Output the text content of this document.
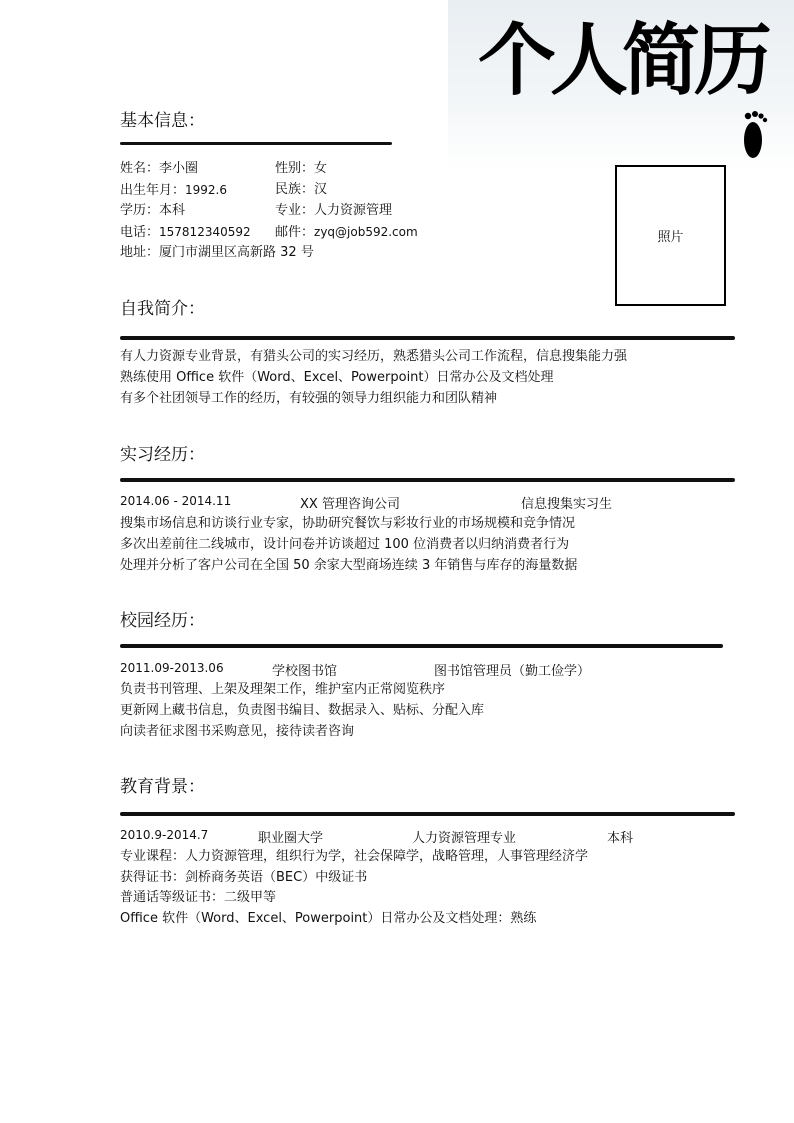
个人简历
基本信息：
姓名：李小圈	性别：女
出生年月：1992.6	民族：汉
学历：本科	专业：人力资源管理
电话：157812340592 邮件：zyq@job592.com
地址：厦门市湖里区高新路 32 号
照片
自我简介：
有人力资源专业背景，有猎头公司的实习经历，熟悉猎头公司工作流程，信息搜集能力强
熟练使用 Office 软件（Word、Excel、Powerpoint）日常办公及文档处理
有多个社团领导工作的经历，有较强的领导力组织能力和团队精神
实习经历：
2014.06 - 2014.11	XX 管理咨询公司	信息搜集实习生
搜集市场信息和访谈行业专家，协助研究餐饮与彩妆行业的市场规模和竞争情况
多次出差前往二线城市，设计问卷并访谈超过 100 位消费者以归纳消费者行为
处理并分析了客户公司在全国 50 余家大型商场连续 3 年销售与库存的海量数据
校园经历：
2011.09-2013.06	学校图书馆	图书馆管理员（勤工俭学）
负责书刊管理、上架及理架工作，维护室内正常阅览秩序
更新网上藏书信息，负责图书编目、数据录入、贴标、分配入库
向读者征求图书采购意见，接待读者咨询
教育背景：
2010.9-2014.7	职业圈大学	人力资源管理专业	本科
专业课程：人力资源管理，组织行为学，社会保障学，战略管理，人事管理经济学
获得证书：剑桥商务英语（BEC）中级证书
普通话等级证书：二级甲等
Office 软件（Word、Excel、Powerpoint）日常办公及文档处理：熟练
